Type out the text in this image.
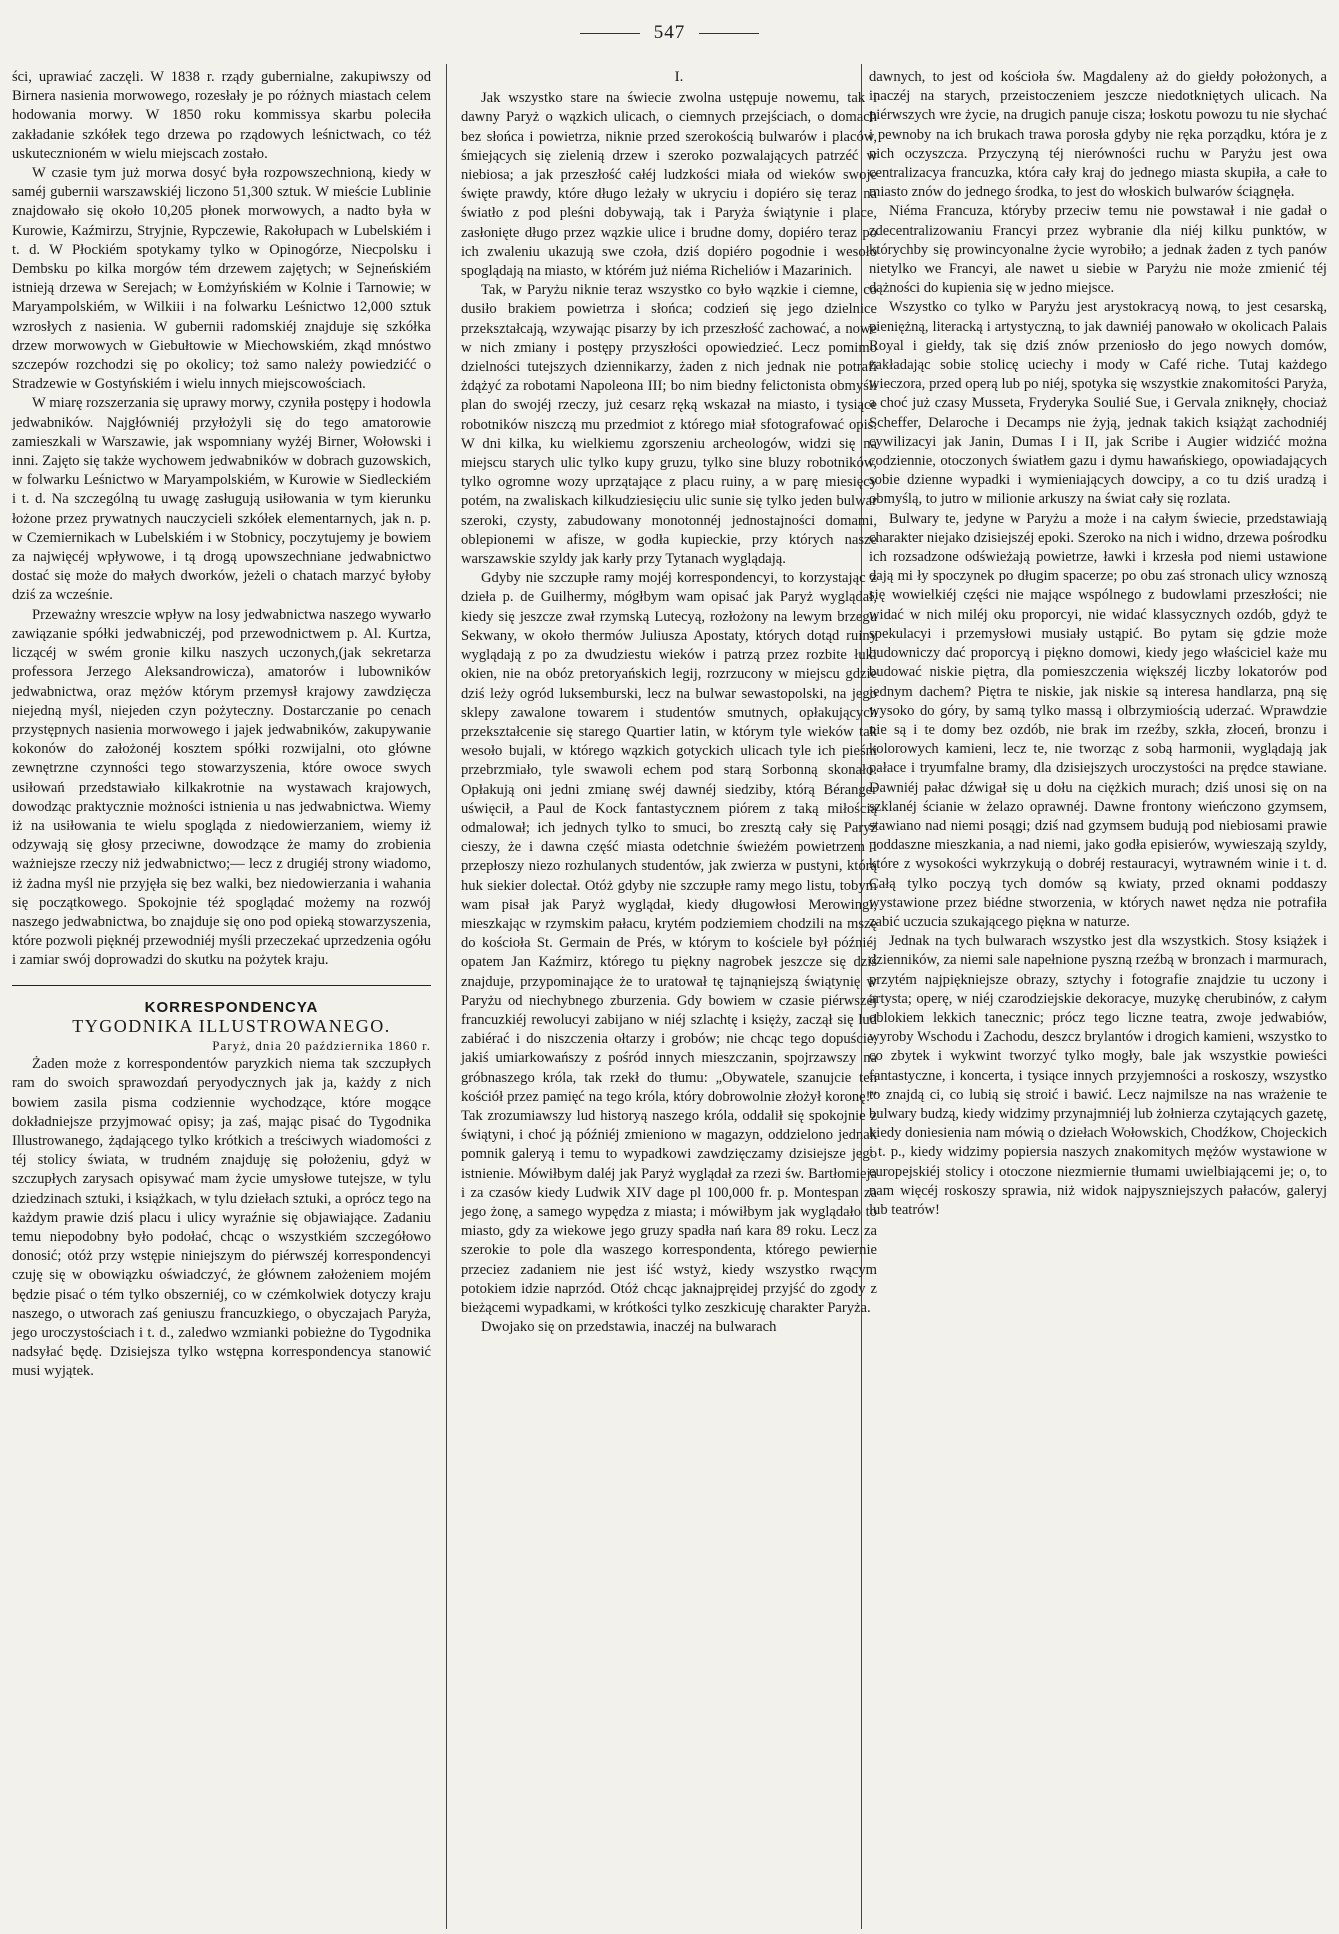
547

ści, uprawiać zaczęli. W 1838 r. rządy gubernialne, zakupiwszy od Birnera nasienia morwowego, rozesłały je po różnych miastach celem hodowania morwy. W 1850 roku kommissya skarbu poleciła zakładanie szkółek tego drzewa po rządowych leśnictwach, co téż uskutecznioném w wielu miejscach zostało.

W czasie tym już morwa dosyć była rozpowszechnioną, kiedy w saméj gubernii warszawskiéj liczono 51,300 sztuk. W mieście Lublinie znajdowało się około 10,205 płonek morwowych, a nadto była w Kurowie, Kaźmirzu, Stryjnie, Rypczewie, Rakołupach w Lubelskiém i t. d. W Płockiém spotykamy tylko w Opinogórze, Niecpolsku i Dembsku po kilka morgów tém drzewem zajętych; w Sejneńskiém istnieją drzewa w Serejach; w Łomżyńskiém w Kolnie i Tarnowie; w Maryampolskiém, w Wilkiii i na folwarku Leśnictwo 12,000 sztuk wzrosłych z nasienia. W gubernii radomskiéj znajduje się szkółka drzew morwowych w Giebułtowie w Miechowskiém, zkąd mnóstwo szczepów rozchodzi się po okolicy; toż samo należy powiedzićć o Stradzewie w Gostyńskiém i wielu innych miejscowościach.

W miarę rozszerzania się uprawy morwy, czyniła postępy i hodowla jedwabników. Najgłówniéj przyłożyli się do tego amatorowie zamieszkali w Warszawie, jak wspomniany wyżéj Birner, Wołowski i inni. Zajęto się także wychowem jedwabników w dobrach guzowskich, w folwarku Leśnictwo w Maryampolskiém, w Kurowie w Siedleckiém i t. d. Na szczególną tu uwagę zasługują usiłowania w tym kierunku łożone przez prywatnych nauczycieli szkółek elementarnych, jak n. p. w Czemiernikach w Lubelskiém i w Stobnicy, poczytujemy je bowiem za najwięcéj wpływowe, i tą drogą upowszechniane jedwabnictwo dostać się może do małych dworków, jeżeli o chatach marzyć byłoby dziś za wcześnie.

Przeważny wreszcie wpływ na losy jedwabnictwa naszego wywarło zawiązanie spółki jedwabniczéj, pod przewodnictwem p. Al. Kurtza, liczącéj w swém gronie kilku naszych uczonych,(jak sekretarza professora Jerzego Aleksandrowicza), amatorów i lubowników jedwabnictwa, oraz mężów którym przemysł krajowy zawdzięcza niejedną myśl, niejeden czyn pożyteczny. Dostarczanie po cenach przystępnych nasienia morwowego i jajek jedwabników, zakupywanie kokonów do założonéj kosztem spółki rozwijalni, oto główne zewnętrzne czynności tego stowarzyszenia, które owoce swych usiłowań przedstawiało kilkakrotnie na wystawach krajowych, dowodząc praktycznie możności istnienia u nas jedwabnictwa. Wiemy iż na usiłowania te wielu spogląda z niedowierzaniem, wiemy iż odzywają się głosy przeciwne, dowodzące że mamy do zrobienia ważniejsze rzeczy niż jedwabnictwo;— lecz z drugiéj strony wiadomo, iż żadna myśl nie przyjęła się bez walki, bez niedowierzania i wahania się początkowego. Spokojnie téż spoglądać możemy na rozwój naszego jedwabnictwa, bo znajduje się ono pod opieką stowarzyszenia, które pozwoli pięknéj przewodniéj myśli przeczekać uprzedzenia ogółu i zamiar swój doprowadzi do skutku na pożytek kraju.

KORRESPONDENCYA

TYGODNIKA ILLUSTROWANEGO.

Paryż, dnia 20 października 1860 r.

Żaden może z korrespondentów paryzkich niema tak szczupłych ram do swoich sprawozdań peryodycznych jak ja, każdy z nich bowiem zasila pisma codziennie wychodzące, które mogące dokładniejsze przyjmować opisy; ja zaś, mając pisać do Tygodnika Illustrowanego, żądającego tylko krótkich a treściwych wiadomości z téj stolicy świata, w trudném znajduję się położeniu, gdyż w szczupłych zarysach opisywać mam życie umysłowe tutejsze, w tylu dziedzinach sztuki, i książkach, w tylu dziełach sztuki, a oprócz tego na każdym prawie dziś placu i ulicy wyraźnie się objawiające. Zadaniu temu niepodobny było podołać, chcąc o wszystkiém szczegółowo donosić; otóż przy wstępie niniejszym do piérwszéj korrespondencyi czuję się w obowiązku oświadczyć, że głównem założeniem mojém będzie pisać o tém tylko obszerniéj, co w czémkolwiek dotyczy kraju naszego, o utworach zaś geniuszu francuzkiego, o obyczajach Paryża, jego uroczystościach i t. d., zaledwo wzmianki pobieżne do Tygodnika nadsyłać będę. Dzisiejsza tylko wstępna korrespondencya stanowić musi wyjątek.

I.

Jak wszystko stare na świecie zwolna ustępuje nowemu, tak i dawny Paryż o wązkich ulicach, o ciemnych przejściach, o domach bez słońca i powietrza, niknie przed szerokością bulwarów i placów, śmiejących się zielenią drzew i szeroko pozwalających patrzéć w niebiosa; a jak przeszłość całéj ludzkości miała od wieków swoje święte prawdy, które długo leżały w ukryciu i dopiéro się teraz na światło z pod pleśni dobywają, tak i Paryża świątynie i place, zasłonięte długo przez wązkie ulice i brudne domy, dopiéro teraz po ich zwaleniu ukazują swe czoła, dziś dopiéro pogodnie i wesoło spoglądają na miasto, w którém już niéma Richeliów i Mazarinich.

Tak, w Paryżu niknie teraz wszystko co było wązkie i ciemne, co dusiło brakiem powietrza i słońca; codzień się jego dzielnice przekształcają, wzywając pisarzy by ich przeszłość zachować, a nowe w nich zmiany i postępy przyszłości opowiedzieć. Lecz pomimo dzielności tutejszych dziennikarzy, żaden z nich jednak nie potrafi żdążyć za robotami Napoleona III; bo nim biedny felictonista obmyśli plan do swojéj rzeczy, już cesarz ręką wskazał na miasto, i tysiące robotników niszczą mu przedmiot z którego miał sfotografować opis. W dni kilka, ku wielkiemu zgorszeniu archeologów, widzi się na miejscu starych ulic tylko kupy gruzu, tylko sine bluzy robotników, tylko ogromne wozy uprzątające z placu ruiny, a w parę miesięcy potém, na zwaliskach kilkudziesięciu ulic sunie się tylko jeden bulwar szeroki, czysty, zabudowany monotonnéj jednostajności domami, oblepionemi w afisze, w godła kupieckie, przy których nasze warszawskie szyldy jak karły przy Tytanach wyglądają.

Gdyby nie szczupłe ramy mojéj korrespondencyi, to korzystając z dzieła p. de Guilhermy, mógłbym wam opisać jak Paryż wyglądał, kiedy się jeszcze zwał rzymską Lutecyą, rozłożony na lewym brzegu Sekwany, w około thermów Juliusza Apostaty, których dotąd ruiny wyglądają z po za dwudziestu wieków i patrzą przez rozbite łuki okien, nie na obóz pretoryańskich legij, rozrzucony w miejscu gdzie dziś leży ogród luksemburski, lecz na bulwar sewastopolski, na jego sklepy zawalone towarem i studentów smutnych, opłakujących przekształcenie się starego Quartier latin, w którym tyle wieków tak wesoło bujali, w którego wązkich gotyckich ulicach tyle ich pieśni przebrzmiało, tyle swawoli echem pod starą Sorbonną skonało. Opłakują oni jedni zmianę swéj dawnéj siedziby, którą Béranger uświęcił, a Paul de Kock fantastycznem piórem z taką miłością odmalował; ich jednych tylko to smuci, bo zresztą cały się Paryż cieszy, że i dawna część miasta odetchnie świeżém powietrzem i przepłoszy niezo rozhulanych studentów, jak zwierza w pustyni, którą huk siekier dolectał. Otóż gdyby nie szczupłe ramy mego listu, tobym wam pisał jak Paryż wyglądał, kiedy długowłosi Merowingi, mieszkając w rzymskim pałacu, krytém podziemiem chodzili na mszę do kościoła St. Germain de Prés, w którym to kościele był późniéj opatem Jan Kaźmirz, którego tu piękny nagrobek jeszcze się dziś znajduje, przypominające że to uratował tę tajnąniejszą świątynię w Paryżu od niechybnego zburzenia. Gdy bowiem w czasie piérwszéj francuzkiéj rewolucyi zabijano w niéj szlachtę i księży, zaczął się lud zabiérać i do niszczenia ołtarzy i grobów; nie chcąc tego dopuście, jakiś umiarkowańszy z pośród innych mieszczanin, spojrzawszy na gróbnaszego króla, tak rzekł do tłumu: „Obywatele, szanujcie ten kościół przez pamięć na tego króla, który dobrowolnie złożył koronę!” Tak zrozumiawszy lud historyą naszego króla, oddalił się spokojnie z świątyni, i choć ją późniéj zmieniono w magazyn, oddzielono jednak pomnik galeryą i temu to wypadkowi zawdzięczamy dzisiejsze jego istnienie. Mówiłbym daléj jak Paryż wyglądał za rzezi św. Bartłomieja i za czasów kiedy Ludwik XIV dage pl 100,000 fr. p. Montespan za jego żonę, a samego wypędza z miasta; i mówiłbym jak wyglądało to miasto, gdy za wiekowe jego gruzy spadła nań kara 89 roku. Lecz za szerokie to pole dla waszego korrespondenta, którego pewiernie przeciez zadaniem nie jest iść wstyż, kiedy wszystko rwącym potokiem idzie naprzód. Otóż chcąc jaknajpręidej przyjść do zgody z bieżącemi wypadkami, w krótkości tylko zeszkicuję charakter Paryża.

Dwojako się on przedstawia, inaczéj na bulwarach

dawnych, to jest od kościoła św. Magdaleny aż do giełdy położonych, a inaczéj na starych, przeistoczeniem jeszcze niedotkniętych ulicach. Na piérwszych wre życie, na drugich panuje cisza; łoskotu powozu tu nie słychać i pewnoby na ich brukach trawa porosła gdyby nie ręka porządku, która je z nich oczyszcza. Przyczyną téj nierówności ruchu w Paryżu jest owa centralizacya francuzka, która cały kraj do jednego miasta skupiła, a całe to miasto znów do jednego środka, to jest do włoskich bulwarów ściągnęła.

Niéma Francuza, któryby przeciw temu nie powstawał i nie gadał o zdecentralizowaniu Francyi przez wybranie dla niéj kilku punktów, w którychby się prowincyonalne życie wyrobiło; a jednak żaden z tych panów nietylko we Francyi, ale nawet u siebie w Paryżu nie może zmienić téj dążności do kupienia się w jedno miejsce.

Wszystko co tylko w Paryżu jest arystokracyą nową, to jest cesarską, pieniężną, literacką i artystyczną, to jak dawniéj panowało w okolicach Palais Royal i giełdy, tak się dziś znów przeniosło do jego nowych domów, zakładając sobie stolicę uciechy i mody w Café riche. Tutaj każdego wieczora, przed operą lub po niéj, spotyka się wszystkie znakomitości Paryża, a choć już czasy Musseta, Fryderyka Soulié Sue, i Gervala zniknęły, chociaż Scheffer, Delaroche i Decamps nie żyją, jednak takich książąt zachodniéj cywilizacyi jak Janin, Dumas I i II, jak Scribe i Augier widzićć można codziennie, otoczonych światłem gazu i dymu hawańskiego, opowiadających sobie dzienne wypadki i wymieniających dowcipy, a co tu dziś uradzą i obmyślą, to jutro w milionie arkuszy na świat cały się rozlata.

Bulwary te, jedyne w Paryżu a może i na całym świecie, przedstawiają charakter niejako dzisiejszéj epoki. Szeroko na nich i widno, drzewa pośrodku ich rozsadzone odświeżają powietrze, ławki i krzesła pod niemi ustawione dają mi ły spoczynek po długim spacerze; po obu zaś stronach ulicy wznoszą się wowielkiéj części nie mające wspólnego z budowlami przeszłości; nie widać w nich miléj oku proporcyi, nie widać klassycznych ozdób, gdyż te spekulacyi i przemysłowi musiały ustąpić. Bo pytam się gdzie może budowniczy dać proporcyą i piękno domowi, kiedy jego właściciel każe mu budować niskie piętra, dla pomieszczenia większéj liczby lokatorów pod jednym dachem? Piętra te niskie, jak niskie są interesa handlarza, pną się wysoko do góry, by samą tylko massą i olbrzymiością uderzać. Wprawdzie nie są i te domy bez ozdób, nie brak im rzeźby, szkła, złoceń, bronzu i kolorowych kamieni, lecz te, nie tworząc z sobą harmonii, wyglądają jak pałace i tryumfalne bramy, dla dzisiejszych uroczystości na prędce stawiane. Dawniéj pałac dźwigał się u dołu na ciężkich murach; dziś unosi się on na szklanéj ścianie w żelazo oprawnéj. Dawne frontony wieńczono gzymsem, stawiano nad niemi posągi; dziś nad gzymsem budują pod niebiosami prawie poddaszne mieszkania, a nad niemi, jako godła episierów, wywieszają szyldy, które z wysokości wykrzykują o dobréj restauracyi, wytrawném winie i t. d. Całą tylko poczyą tych domów są kwiaty, przed oknami poddaszy wystawione przez biédne stworzenia, w których nawet nędza nie potrafiła zabić uczucia szukającego piękna w naturze.

Jednak na tych bulwarach wszystko jest dla wszystkich. Stosy książek i dzienników, za niemi sale napełnione pyszną rzeźbą w bronzach i marmurach, przytém najpiękniejsze obrazy, sztychy i fotografie znajdzie tu uczony i artysta; operę, w niéj czarodziejskie dekoracye, muzykę cherubinów, z całym oblokiem lekkich tanecznic; prócz tego liczne teatra, zwoje jedwabiów, wyroby Wschodu i Zachodu, deszcz brylantów i drogich kamieni, wszystko to co zbytek i wykwint tworzyć tylko mogły, bale jak wszystkie powieści fantastyczne, i koncerta, i tysiące innych przyjemności a roskoszy, wszystko to znajdą ci, co lubią się stroić i bawić. Lecz najmilsze na nas wrażenie te bulwary budzą, kiedy widzimy przynajmniéj lub żołnierza czytających gazetę, kiedy doniesienia nam mówią o dziełach Wołowskich, Chodźkow, Chojeckich i t. p., kiedy widzimy popiersia naszych znakomitych mężów wystawione w europejskiéj stolicy i otoczone niezmiernie tłumami uwielbiającemi je; o, to nam więcéj roskoszy sprawia, niż widok najpyszniejszych pałaców, galeryj lub teatrów!
